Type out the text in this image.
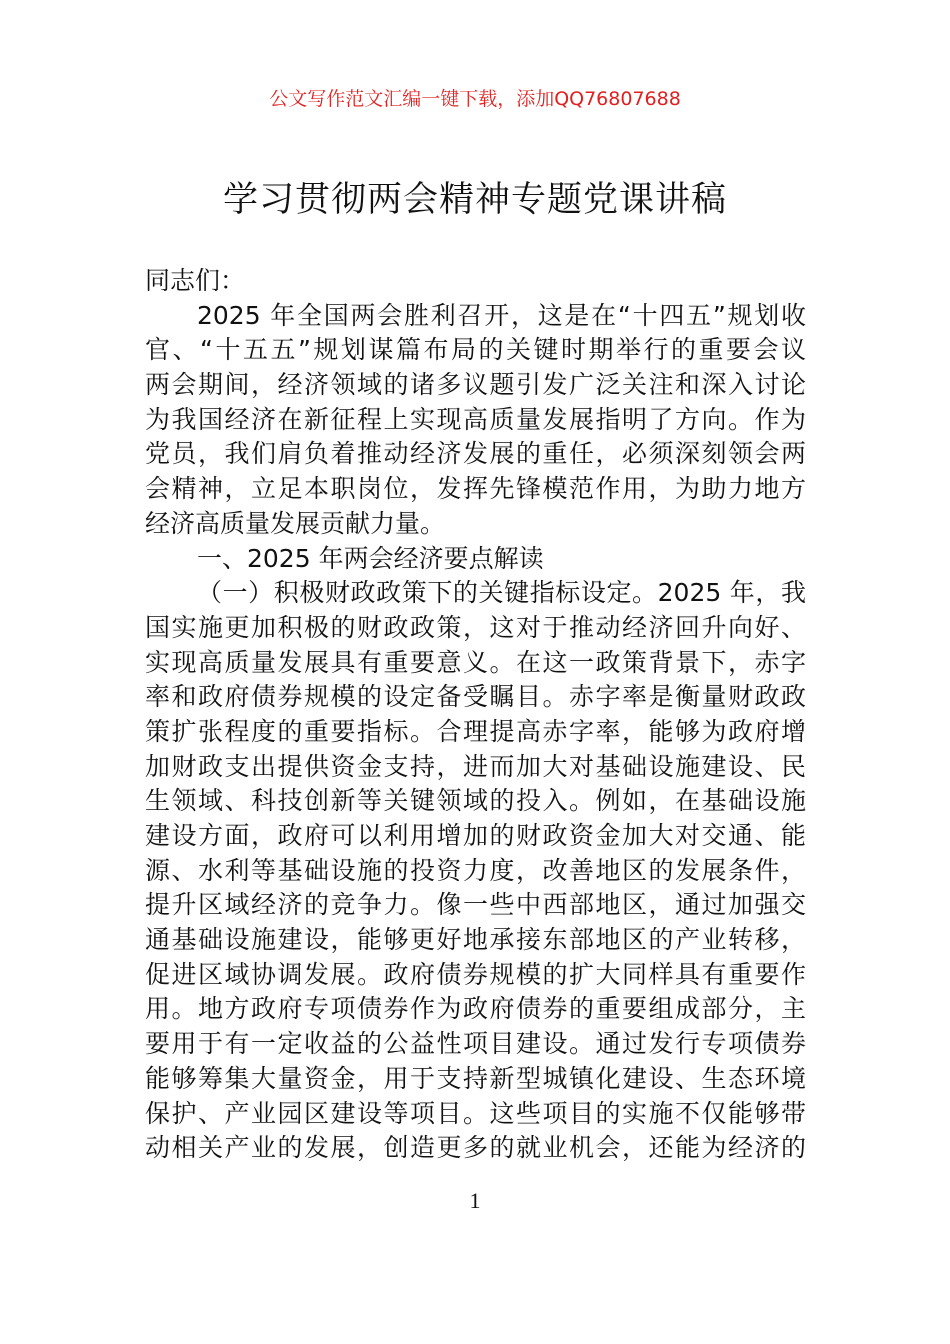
公文写作范文汇编一键下载，添加QQ76807688
学习贯彻两会精神专题党课讲稿
同志们：
2025 年全国两会胜利召开，这是在“十四五”规划收
官、“十五五”规划谋篇布局的关键时期举行的重要会议
两会期间，经济领域的诸多议题引发广泛关注和深入讨论
为我国经济在新征程上实现高质量发展指明了方向。作为
党员，我们肩负着推动经济发展的重任，必须深刻领会两
会精神，立足本职岗位，发挥先锋模范作用，为助力地方
经济高质量发展贡献力量。
一、2025 年两会经济要点解读
（一）积极财政政策下的关键指标设定。2025 年，我
国实施更加积极的财政政策，这对于推动经济回升向好、
实现高质量发展具有重要意义。在这一政策背景下，赤字
率和政府债券规模的设定备受瞩目。赤字率是衡量财政政
策扩张程度的重要指标。合理提高赤字率，能够为政府增
加财政支出提供资金支持，进而加大对基础设施建设、民
生领域、科技创新等关键领域的投入。例如，在基础设施
建设方面，政府可以利用增加的财政资金加大对交通、能
源、水利等基础设施的投资力度，改善地区的发展条件，
提升区域经济的竞争力。像一些中西部地区，通过加强交
通基础设施建设，能够更好地承接东部地区的产业转移，
促进区域协调发展。政府债券规模的扩大同样具有重要作
用。地方政府专项债券作为政府债券的重要组成部分，主
要用于有一定收益的公益性项目建设。通过发行专项债券
能够筹集大量资金，用于支持新型城镇化建设、生态环境
保护、产业园区建设等项目。这些项目的实施不仅能够带
动相关产业的发展，创造更多的就业机会，还能为经济的
1
